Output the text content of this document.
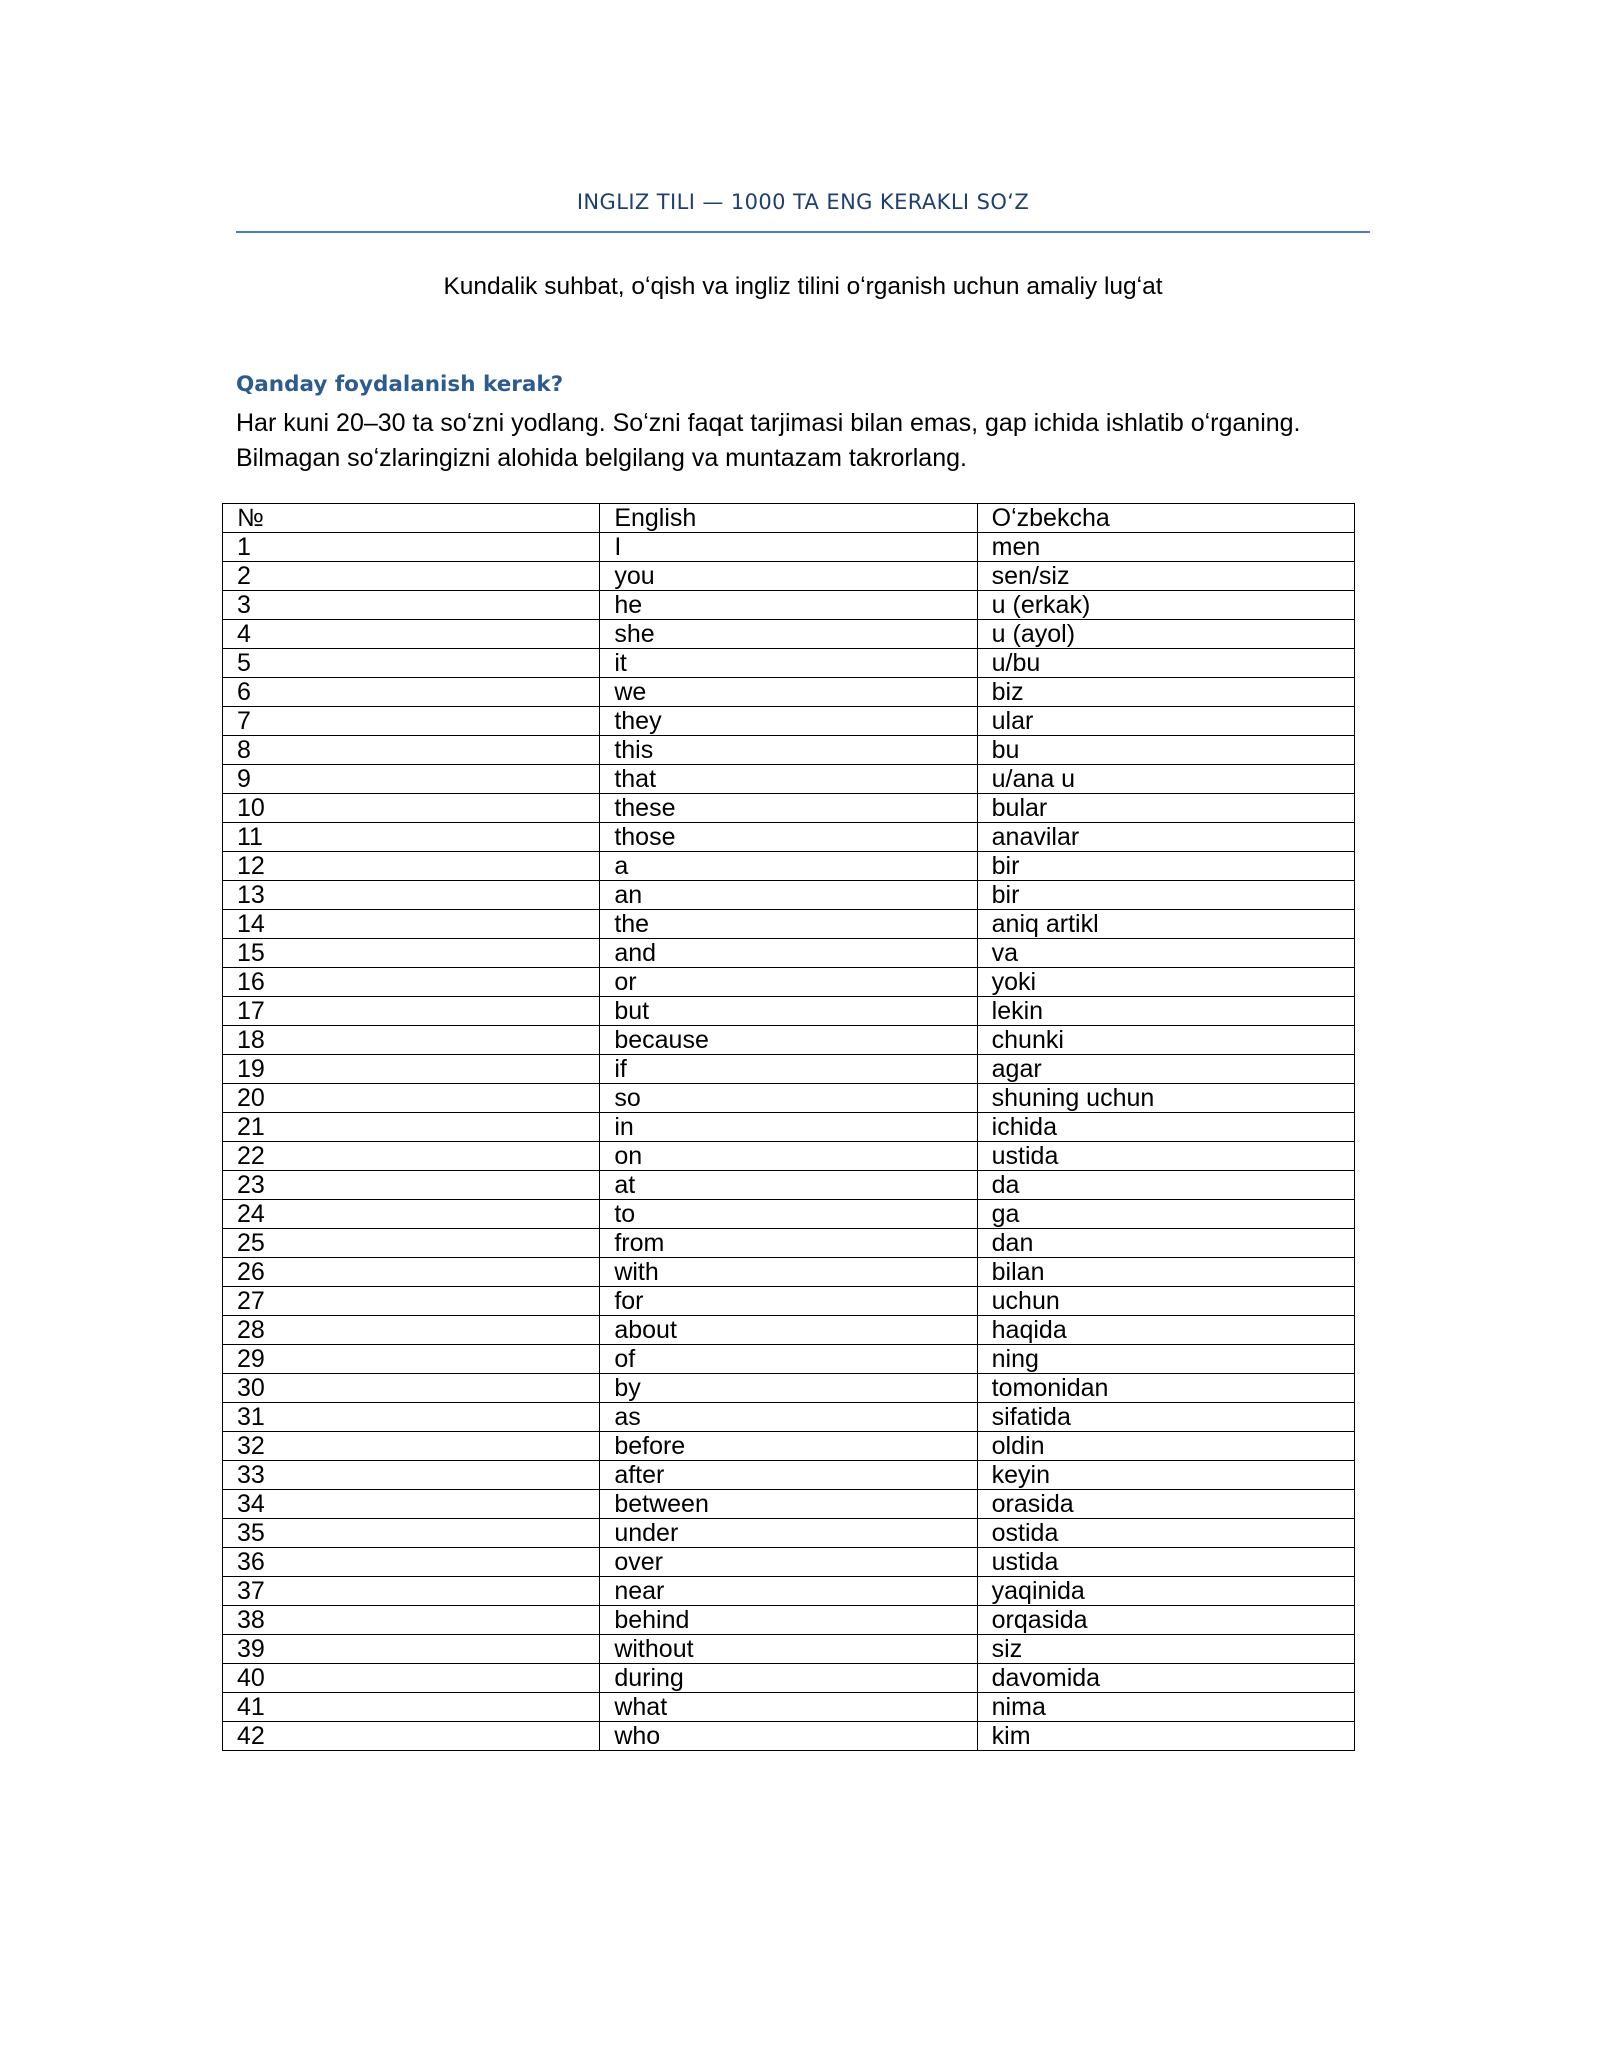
INGLIZ TILI — 1000 TA ENG KERAKLI SOʻZ
Kundalik suhbat, oʻqish va ingliz tilini oʻrganish uchun amaliy lugʻat
Qanday foydalanish kerak?

Har kuni 20–30 ta soʻzni yodlang. Soʻzni faqat tarjimasi bilan emas, gap ichida ishlatib oʻrganing.

Bilmagan soʻzlaringizni alohida belgilang va muntazam takrorlang.

№	English	Oʻzbekcha
1	I	men
2	you	sen/siz
3	he	u (erkak)
4	she	u (ayol)
5	it	u/bu
6	we	biz
7	they	ular
8	this	bu
9	that	u/ana u
10	these	bular
11	those	anavilar
12	a	bir
13	an	bir
14	the	aniq artikl
15	and	va
16	or	yoki
17	but	lekin
18	because	chunki
19	if	agar
20	so	shuning uchun
21	in	ichida
22	on	ustida
23	at	da
24	to	ga
25	from	dan
26	with	bilan
27	for	uchun
28	about	haqida
29	of	ning
30	by	tomonidan
31	as	sifatida
32	before	oldin
33	after	keyin
34	between	orasida
35	under	ostida
36	over	ustida
37	near	yaqinida
38	behind	orqasida
39	without	siz
40	during	davomida
41	what	nima
42	who	kim
